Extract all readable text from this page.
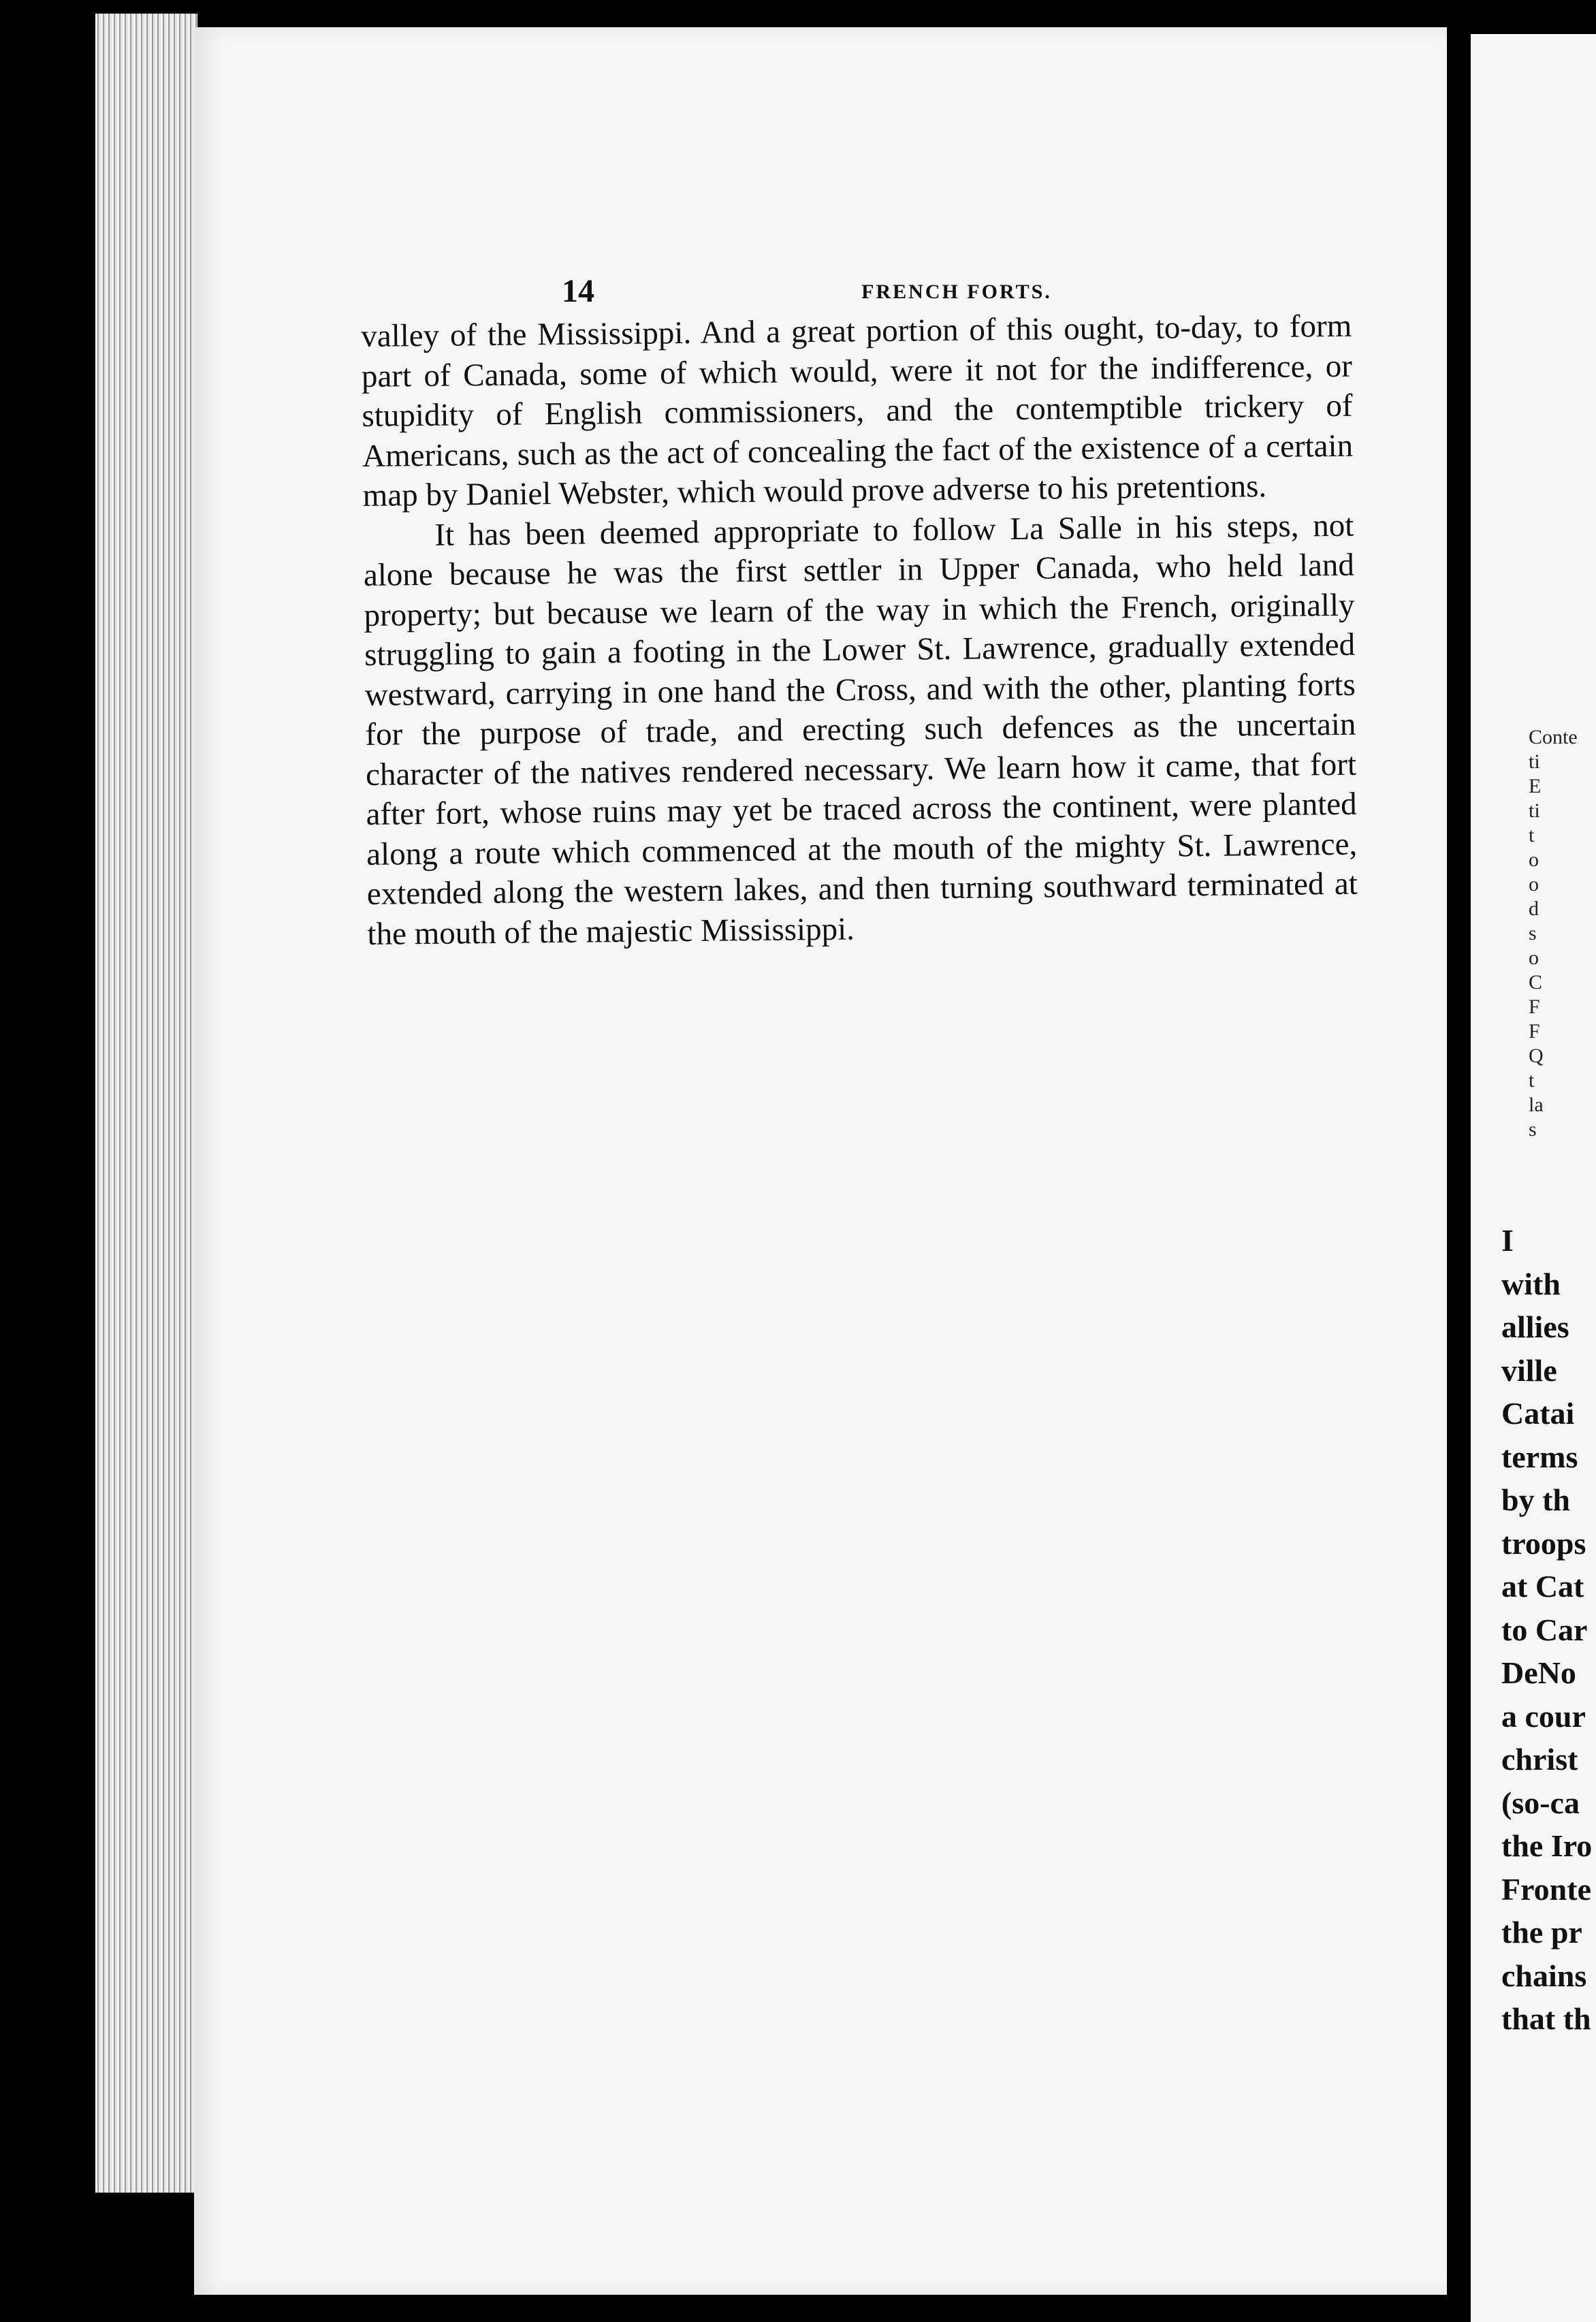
14	FRENCH FORTS.

valley of the Mississippi. And a great portion of this ought, to-day, to form part of Canada, some of which would, were it not for the indifference, or stupidity of English commissioners, and the contemptible trickery of Americans, such as the act of concealing the fact of the existence of a certain map by Daniel Webster, which would prove adverse to his pretentions.

It has been deemed appropriate to follow La Salle in his steps, not alone because he was the first settler in Upper Canada, who held land property; but because we learn of the way in which the French, originally struggling to gain a footing in the Lower St. Lawrence, gradually extended westward, carrying in one hand the Cross, and with the other, planting forts for the purpose of trade, and erecting such defences as the uncertain character of the natives rendered necessary. We learn how it came, that fort after fort, whose ruins may yet be traced across the continent, were planted along a route which commenced at the mouth of the mighty St. Lawrence, extended along the western lakes, and then turning southward terminated at the mouth of the majestic Mississippi.

Conte
ti
E
ti
t
o
o
d
s
o
C
F
F
Q
t
la
s
I
with
allies
ville
Catai
terms
by th
troops
at Cat
to Car
DeNo
a cour
christ
(so-ca
the Iro
Fronte
the pr
chains
that th
